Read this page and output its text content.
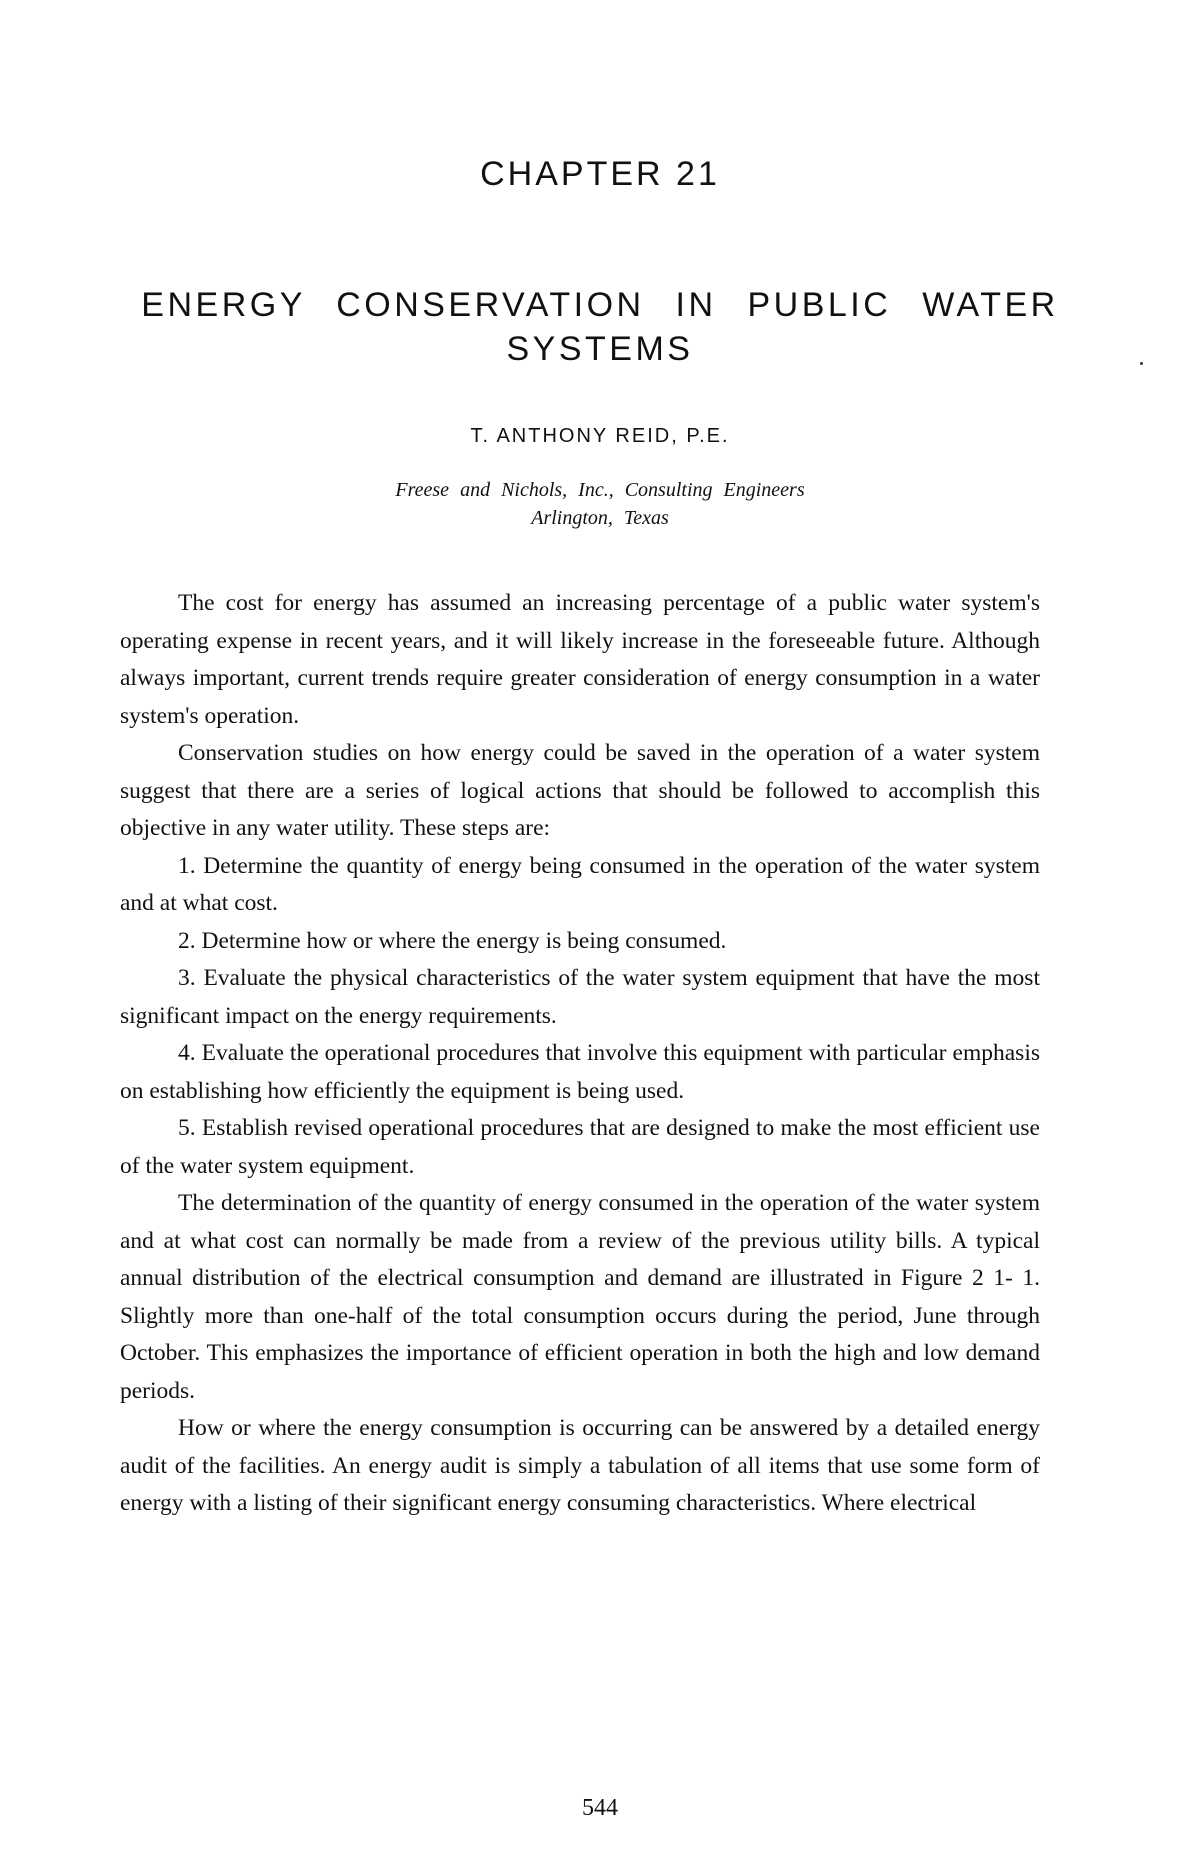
CHAPTER 21
ENERGY CONSERVATION IN PUBLIC WATER SYSTEMS
T. ANTHONY REID, P.E.
Freese and Nichols, Inc., Consulting Engineers
Arlington, Texas

The cost for energy has assumed an increasing percentage of a public water system's operating expense in recent years, and it will likely increase in the foreseeable future. Although always important, current trends require greater consideration of energy consumption in a water system's operation.

Conservation studies on how energy could be saved in the operation of a water system suggest that there are a series of logical actions that should be followed to accomplish this objective in any water utility. These steps are:

1. Determine the quantity of energy being consumed in the operation of the water system and at what cost.

2. Determine how or where the energy is being consumed.

3. Evaluate the physical characteristics of the water system equipment that have the most significant impact on the energy requirements.

4. Evaluate the operational procedures that involve this equipment with particular emphasis on establishing how efficiently the equipment is being used.

5. Establish revised operational procedures that are designed to make the most efficient use of the water system equipment.

The determination of the quantity of energy consumed in the operation of the water system and at what cost can normally be made from a review of the previous utility bills. A typical annual distribution of the electrical consumption and demand are illustrated in Figure 2 1- 1. Slightly more than one-half of the total consumption occurs during the period, June through October. This emphasizes the importance of efficient operation in both the high and low demand periods.

How or where the energy consumption is occurring can be answered by a detailed energy audit of the facilities. An energy audit is simply a tabulation of all items that use some form of energy with a listing of their significant energy consuming characteristics. Where electrical

544
